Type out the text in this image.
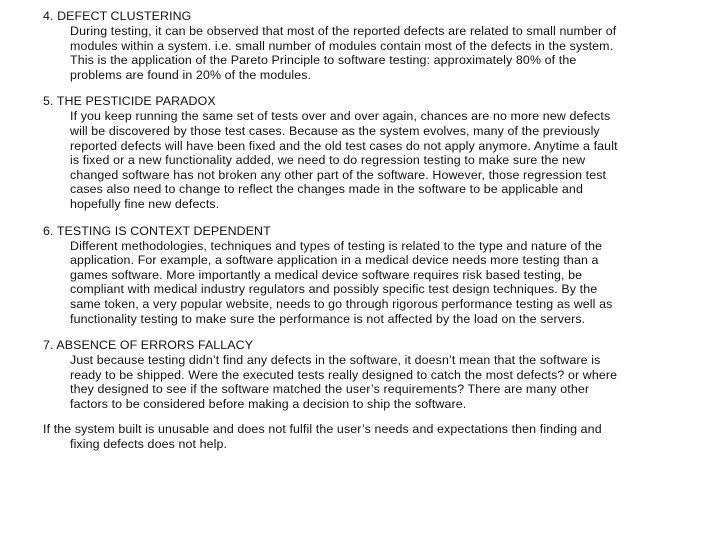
4. DEFECT CLUSTERING

During testing, it can be observed that most of the reported defects are related to small number of
modules within a system. i.e. small number of modules contain most of the defects in the system.
This is the application of the Pareto Principle to software testing: approximately 80% of the
problems are found in 20% of the modules.

5. THE PESTICIDE PARADOX

If you keep running the same set of tests over and over again, chances are no more new defects
will be discovered by those test cases. Because as the system evolves, many of the previously
reported defects will have been fixed and the old test cases do not apply anymore. Anytime a fault
is fixed or a new functionality added, we need to do regression testing to make sure the new
changed software has not broken any other part of the software. However, those regression test
cases also need to change to reflect the changes made in the software to be applicable and
hopefully fine new defects.

6. TESTING IS CONTEXT DEPENDENT

Different methodologies, techniques and types of testing is related to the type and nature of the
application. For example, a software application in a medical device needs more testing than a
games software. More importantly a medical device software requires risk based testing, be
compliant with medical industry regulators and possibly specific test design techniques. By the
same token, a very popular website, needs to go through rigorous performance testing as well as
functionality testing to make sure the performance is not affected by the load on the servers.

7. ABSENCE OF ERRORS FALLACY

Just because testing didn’t find any defects in the software, it doesn’t mean that the software is
ready to be shipped. Were the executed tests really designed to catch the most defects? or where
they designed to see if the software matched the user’s requirements? There are many other
factors to be considered before making a decision to ship the software.

If the system built is unusable and does not fulfil the user’s needs and expectations then finding and
fixing defects does not help.
